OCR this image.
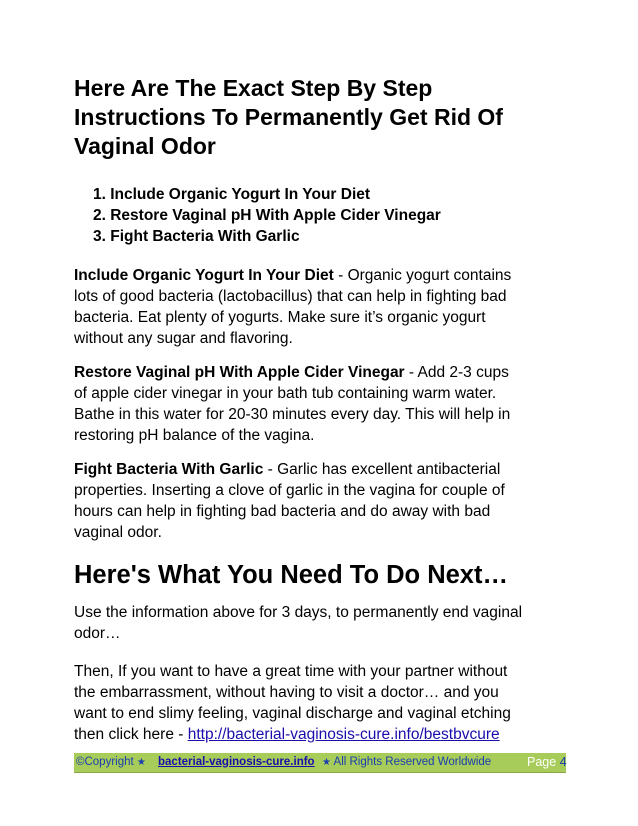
Here Are The Exact Step By Step
Instructions To Permanently Get Rid Of
Vaginal Odor
1. Include Organic Yogurt In Your Diet
2. Restore Vaginal pH With Apple Cider Vinegar
3. Fight Bacteria With Garlic
Include Organic Yogurt In Your Diet - Organic yogurt contains
lots of good bacteria (lactobacillus) that can help in fighting bad
bacteria. Eat plenty of yogurts. Make sure it’s organic yogurt
without any sugar and flavoring.
Restore Vaginal pH With Apple Cider Vinegar - Add 2-3 cups
of apple cider vinegar in your bath tub containing warm water.
Bathe in this water for 20-30 minutes every day. This will help in
restoring pH balance of the vagina.
Fight Bacteria With Garlic - Garlic has excellent antibacterial
properties. Inserting a clove of garlic in the vagina for couple of
hours can help in fighting bad bacteria and do away with bad
vaginal odor.
Here's What You Need To Do Next…
Use the information above for 3 days, to permanently end vaginal
odor…
Then, If you want to have a great time with your partner without
the embarrassment, without having to visit a doctor… and you
want to end slimy feeling, vaginal discharge and vaginal etching
then click here - http://bacterial-vaginosis-cure.info/bestbvcure
©Copyright ★ bacterial-vaginosis-cure.info ★ All Rights Reserved Worldwide	Page 4
